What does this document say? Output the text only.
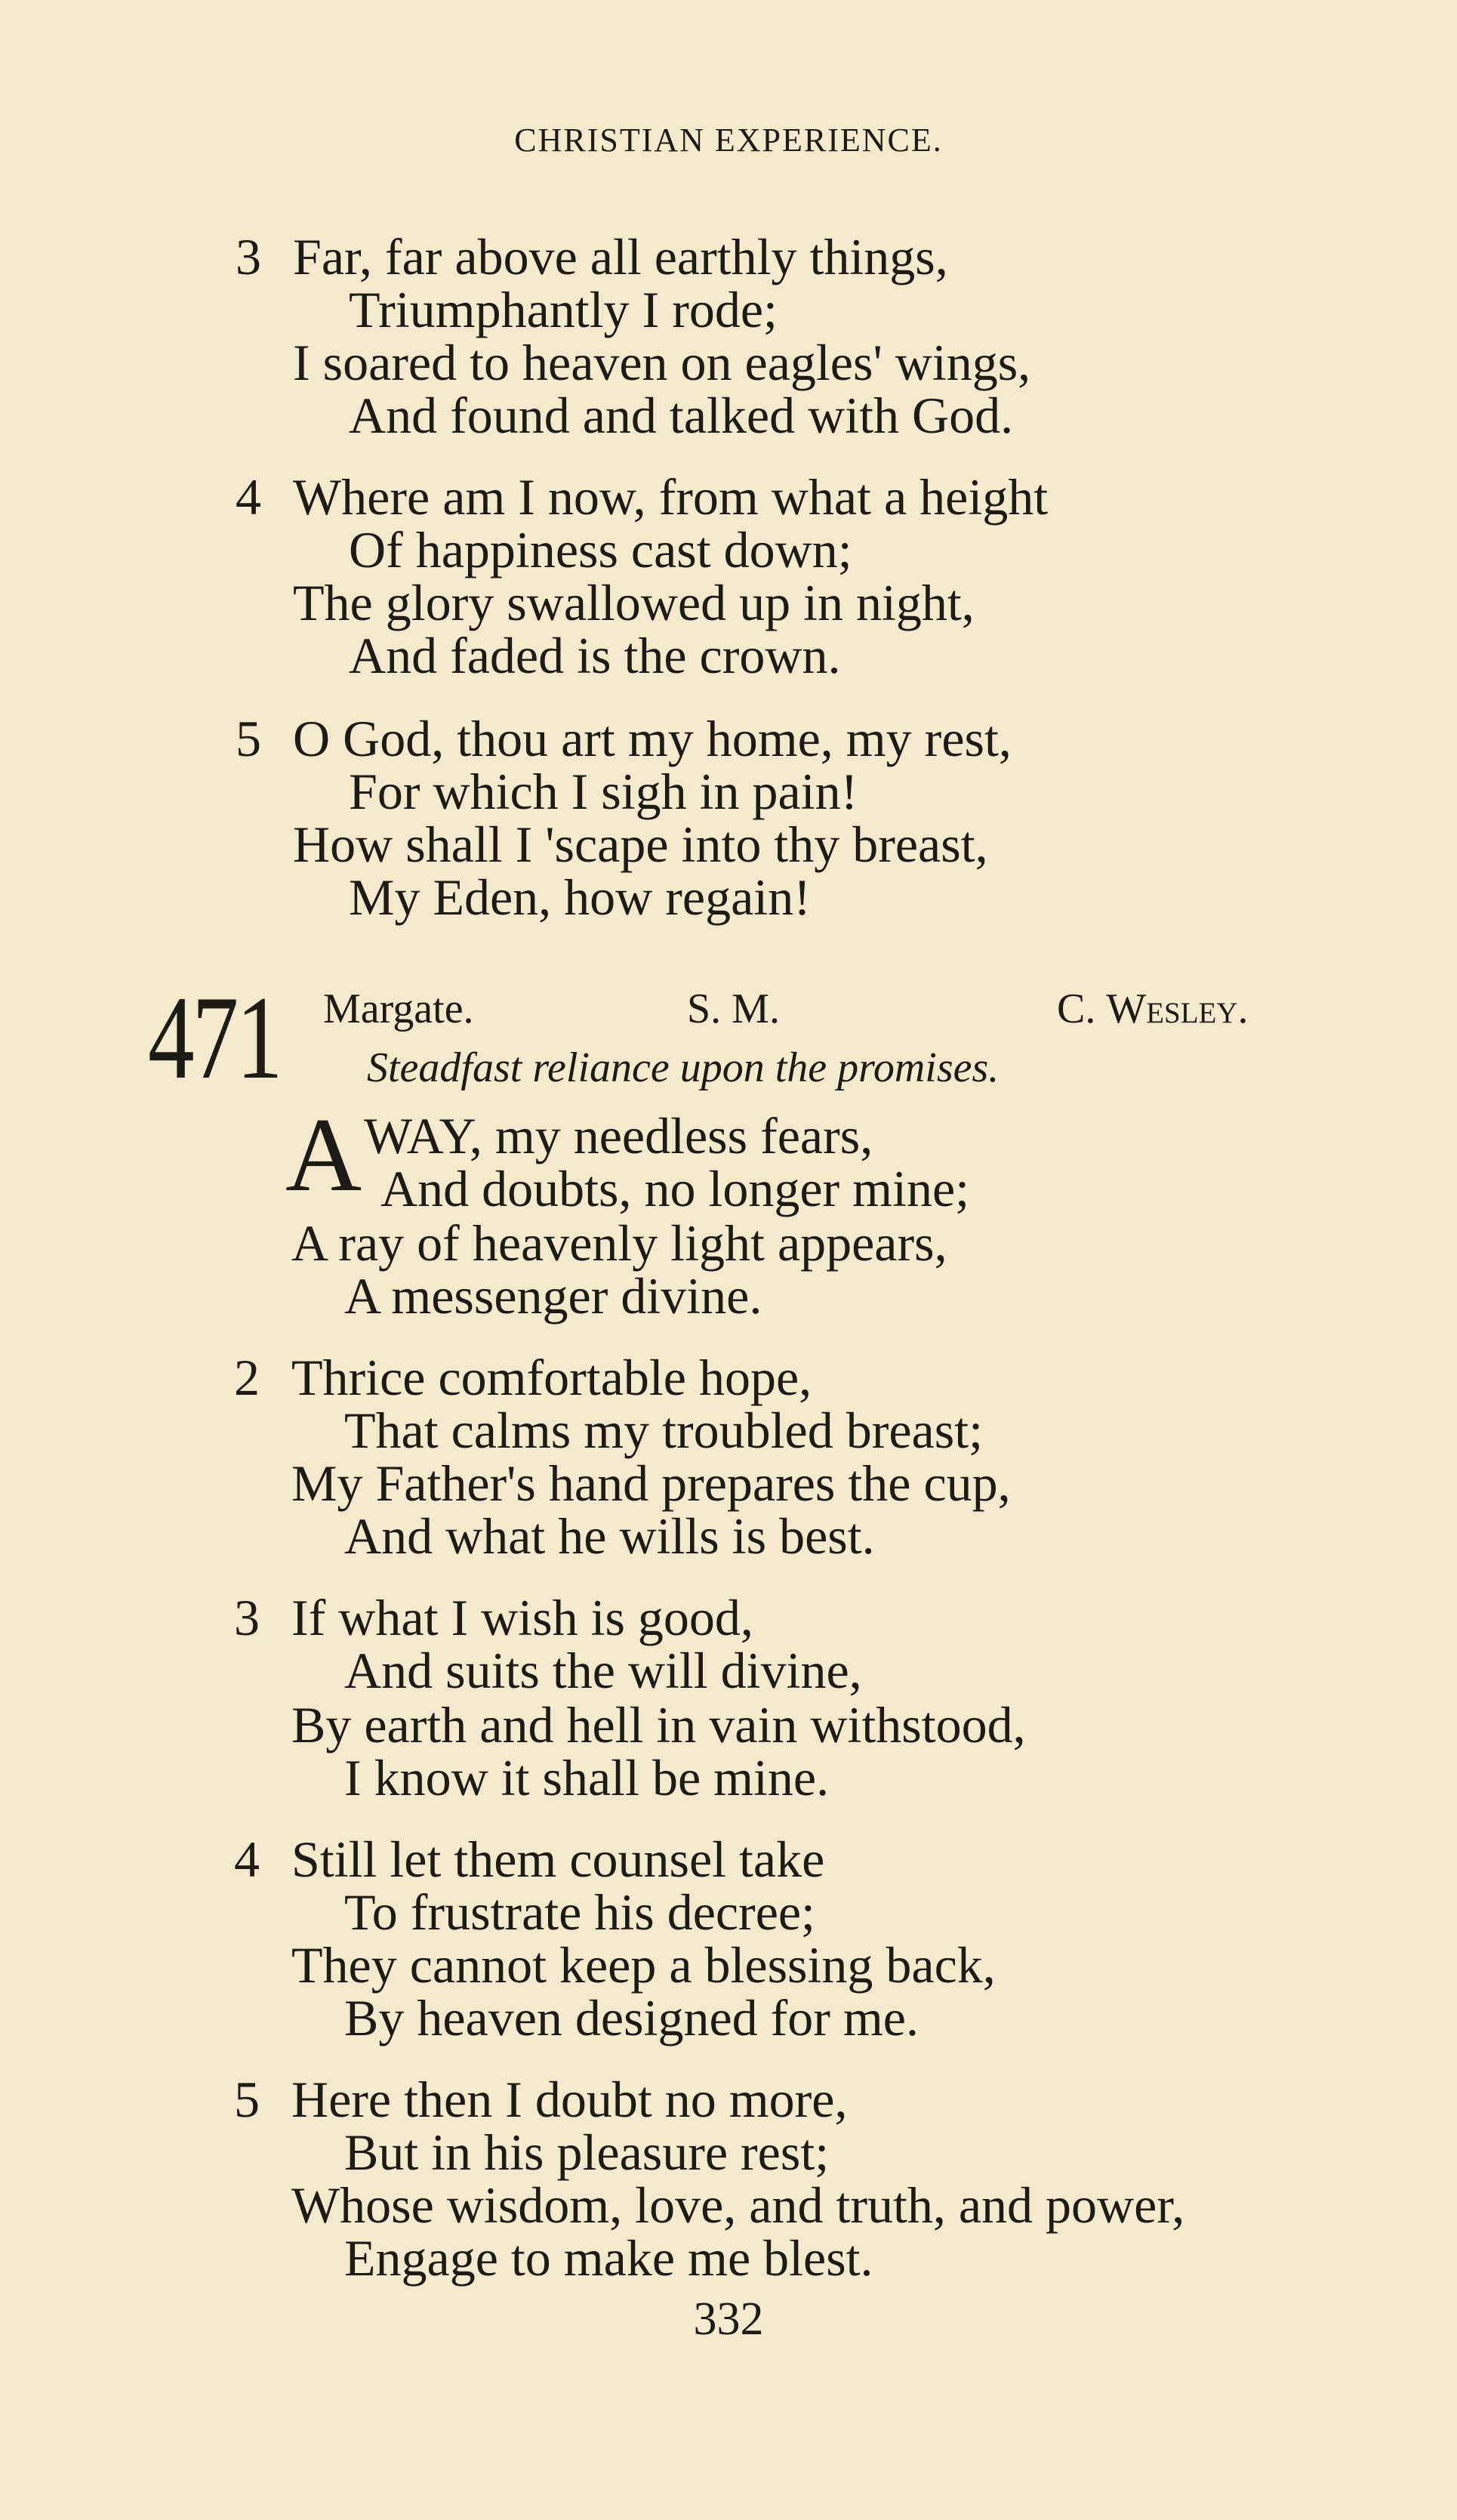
CHRISTIAN EXPERIENCE.
3 Far, far above all earthly things,
Triumphantly I rode;
I soared to heaven on eagles' wings,
And found and talked with God.
4 Where am I now, from what a height
Of happiness cast down;
The glory swallowed up in night,
And faded is the crown.
5 O God, thou art my home, my rest,
For which I sigh in pain!
How shall I 'scape into thy breast,
My Eden, how regain!
471 Margate.	S. M.	C. Wesley.
Steadfast reliance upon the promises.
A WAY, my needless fears,
And doubts, no longer mine;
A ray of heavenly light appears,
A messenger divine.
2 Thrice comfortable hope,
That calms my troubled breast;
My Father's hand prepares the cup,
And what he wills is best.
3 If what I wish is good,
And suits the will divine,
By earth and hell in vain withstood,
I know it shall be mine.
4 Still let them counsel take
To frustrate his decree;
They cannot keep a blessing back,
By heaven designed for me.
5 Here then I doubt no more,
But in his pleasure rest;
Whose wisdom, love, and truth, and power,
Engage to make me blest.
332
